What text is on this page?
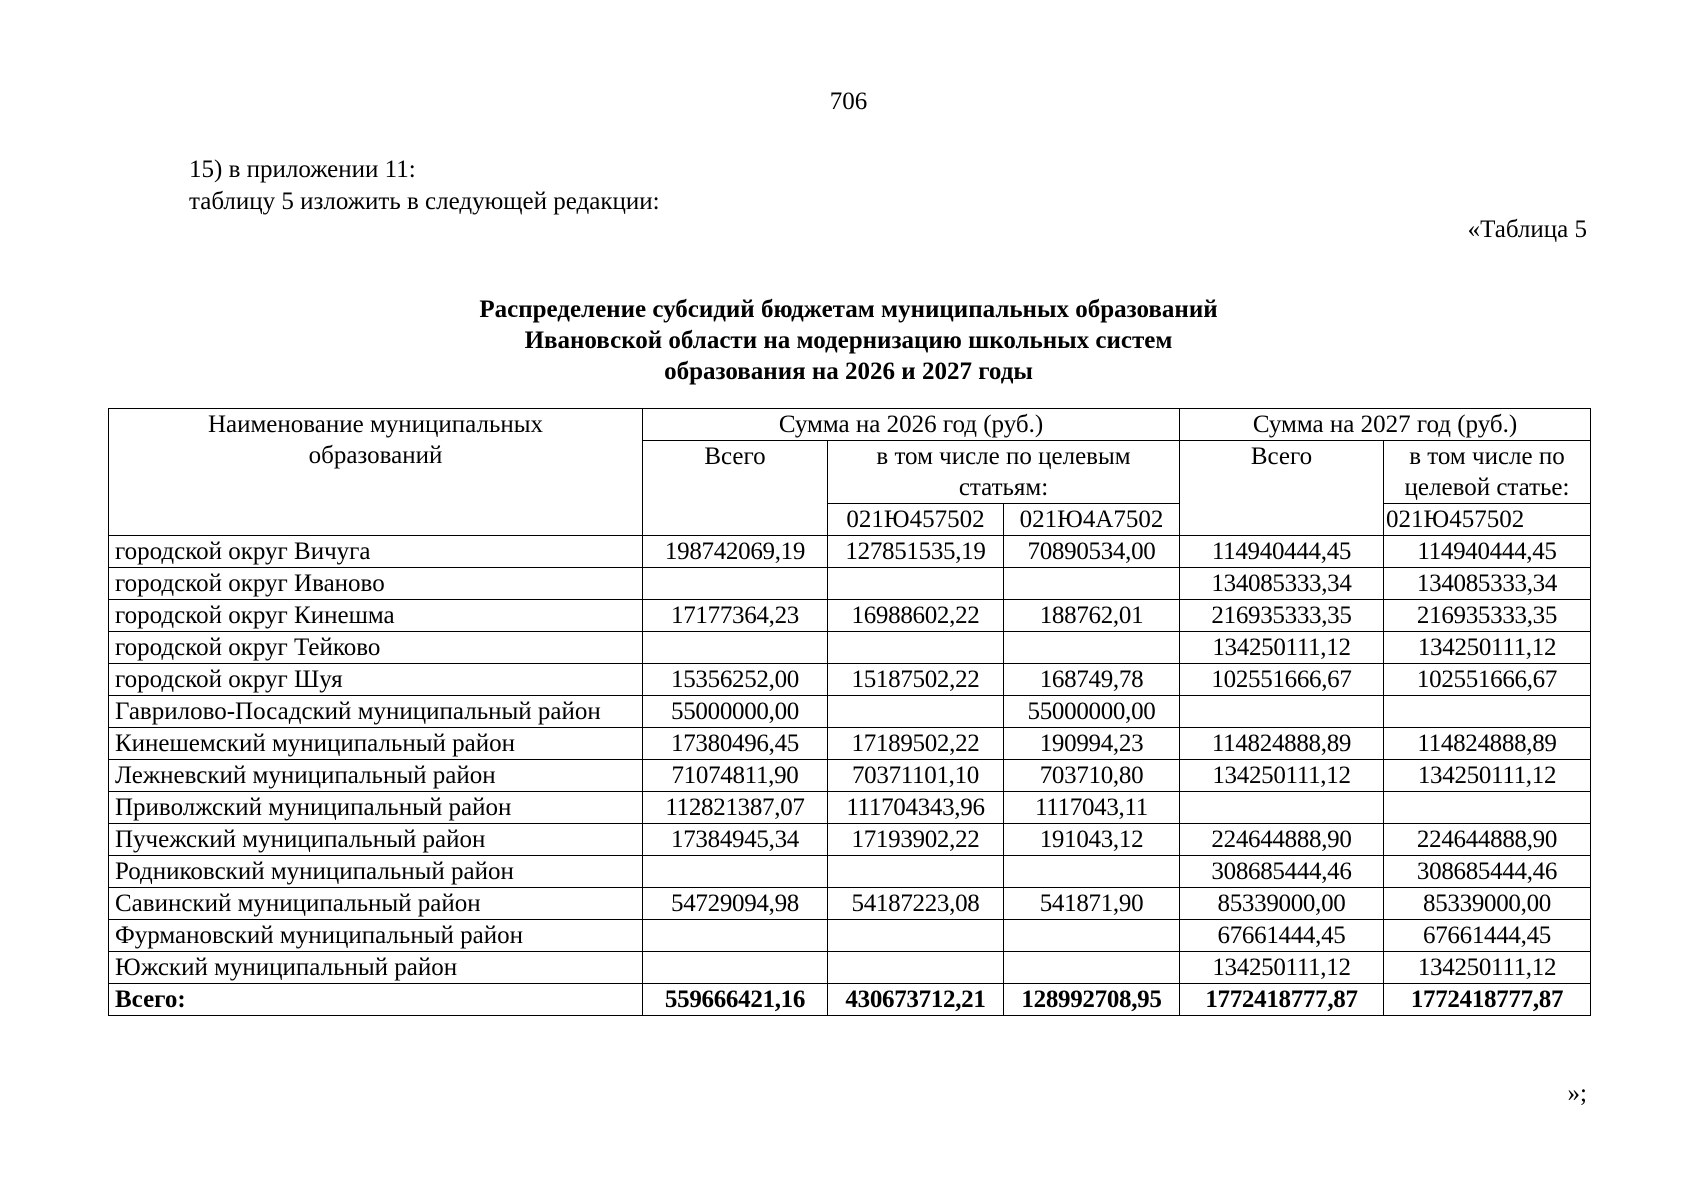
706
15) в приложении 11:
таблицу 5 изложить в следующей редакции:
«Таблица 5
Распределение субсидий бюджетам муниципальных образований
Ивановской области на модернизацию школьных систем
образования на 2026 и 2027 годы
Наименование муниципальных образований	Сумма на 2026 год (руб.)			Сумма на 2027 год (руб.)	
	Всего	в том числе по целевым статьям:		Всего	в том числе по целевой статье:

		021Ю457502	021Ю4А7502		021Ю457502
городской округ Вичуга	198742069,19	127851535,19	70890534,00	114940444,45	114940444,45
городской округ Иваново				134085333,34	134085333,34
городской округ Кинешма	17177364,23	16988602,22	188762,01	216935333,35	216935333,35
городской округ Тейково				134250111,12	134250111,12
городской округ Шуя	15356252,00	15187502,22	168749,78	102551666,67	102551666,67
Гаврилово-Посадский муниципальный район	55000000,00		55000000,00		
Кинешемский муниципальный район	17380496,45	17189502,22	190994,23	114824888,89	114824888,89
Лежневский муниципальный район	71074811,90	70371101,10	703710,80	134250111,12	134250111,12
Приволжский муниципальный район	112821387,07	111704343,96	1117043,11		
Пучежский муниципальный район	17384945,34	17193902,22	191043,12	224644888,90	224644888,90
Родниковский муниципальный район				308685444,46	308685444,46
Савинский муниципальный район	54729094,98	54187223,08	541871,90	85339000,00	85339000,00
Фурмановский муниципальный район				67661444,45	67661444,45
Южский муниципальный район				134250111,12	134250111,12
Всего:	559666421,16	430673712,21	128992708,95	1772418777,87	1772418777,87
»;
